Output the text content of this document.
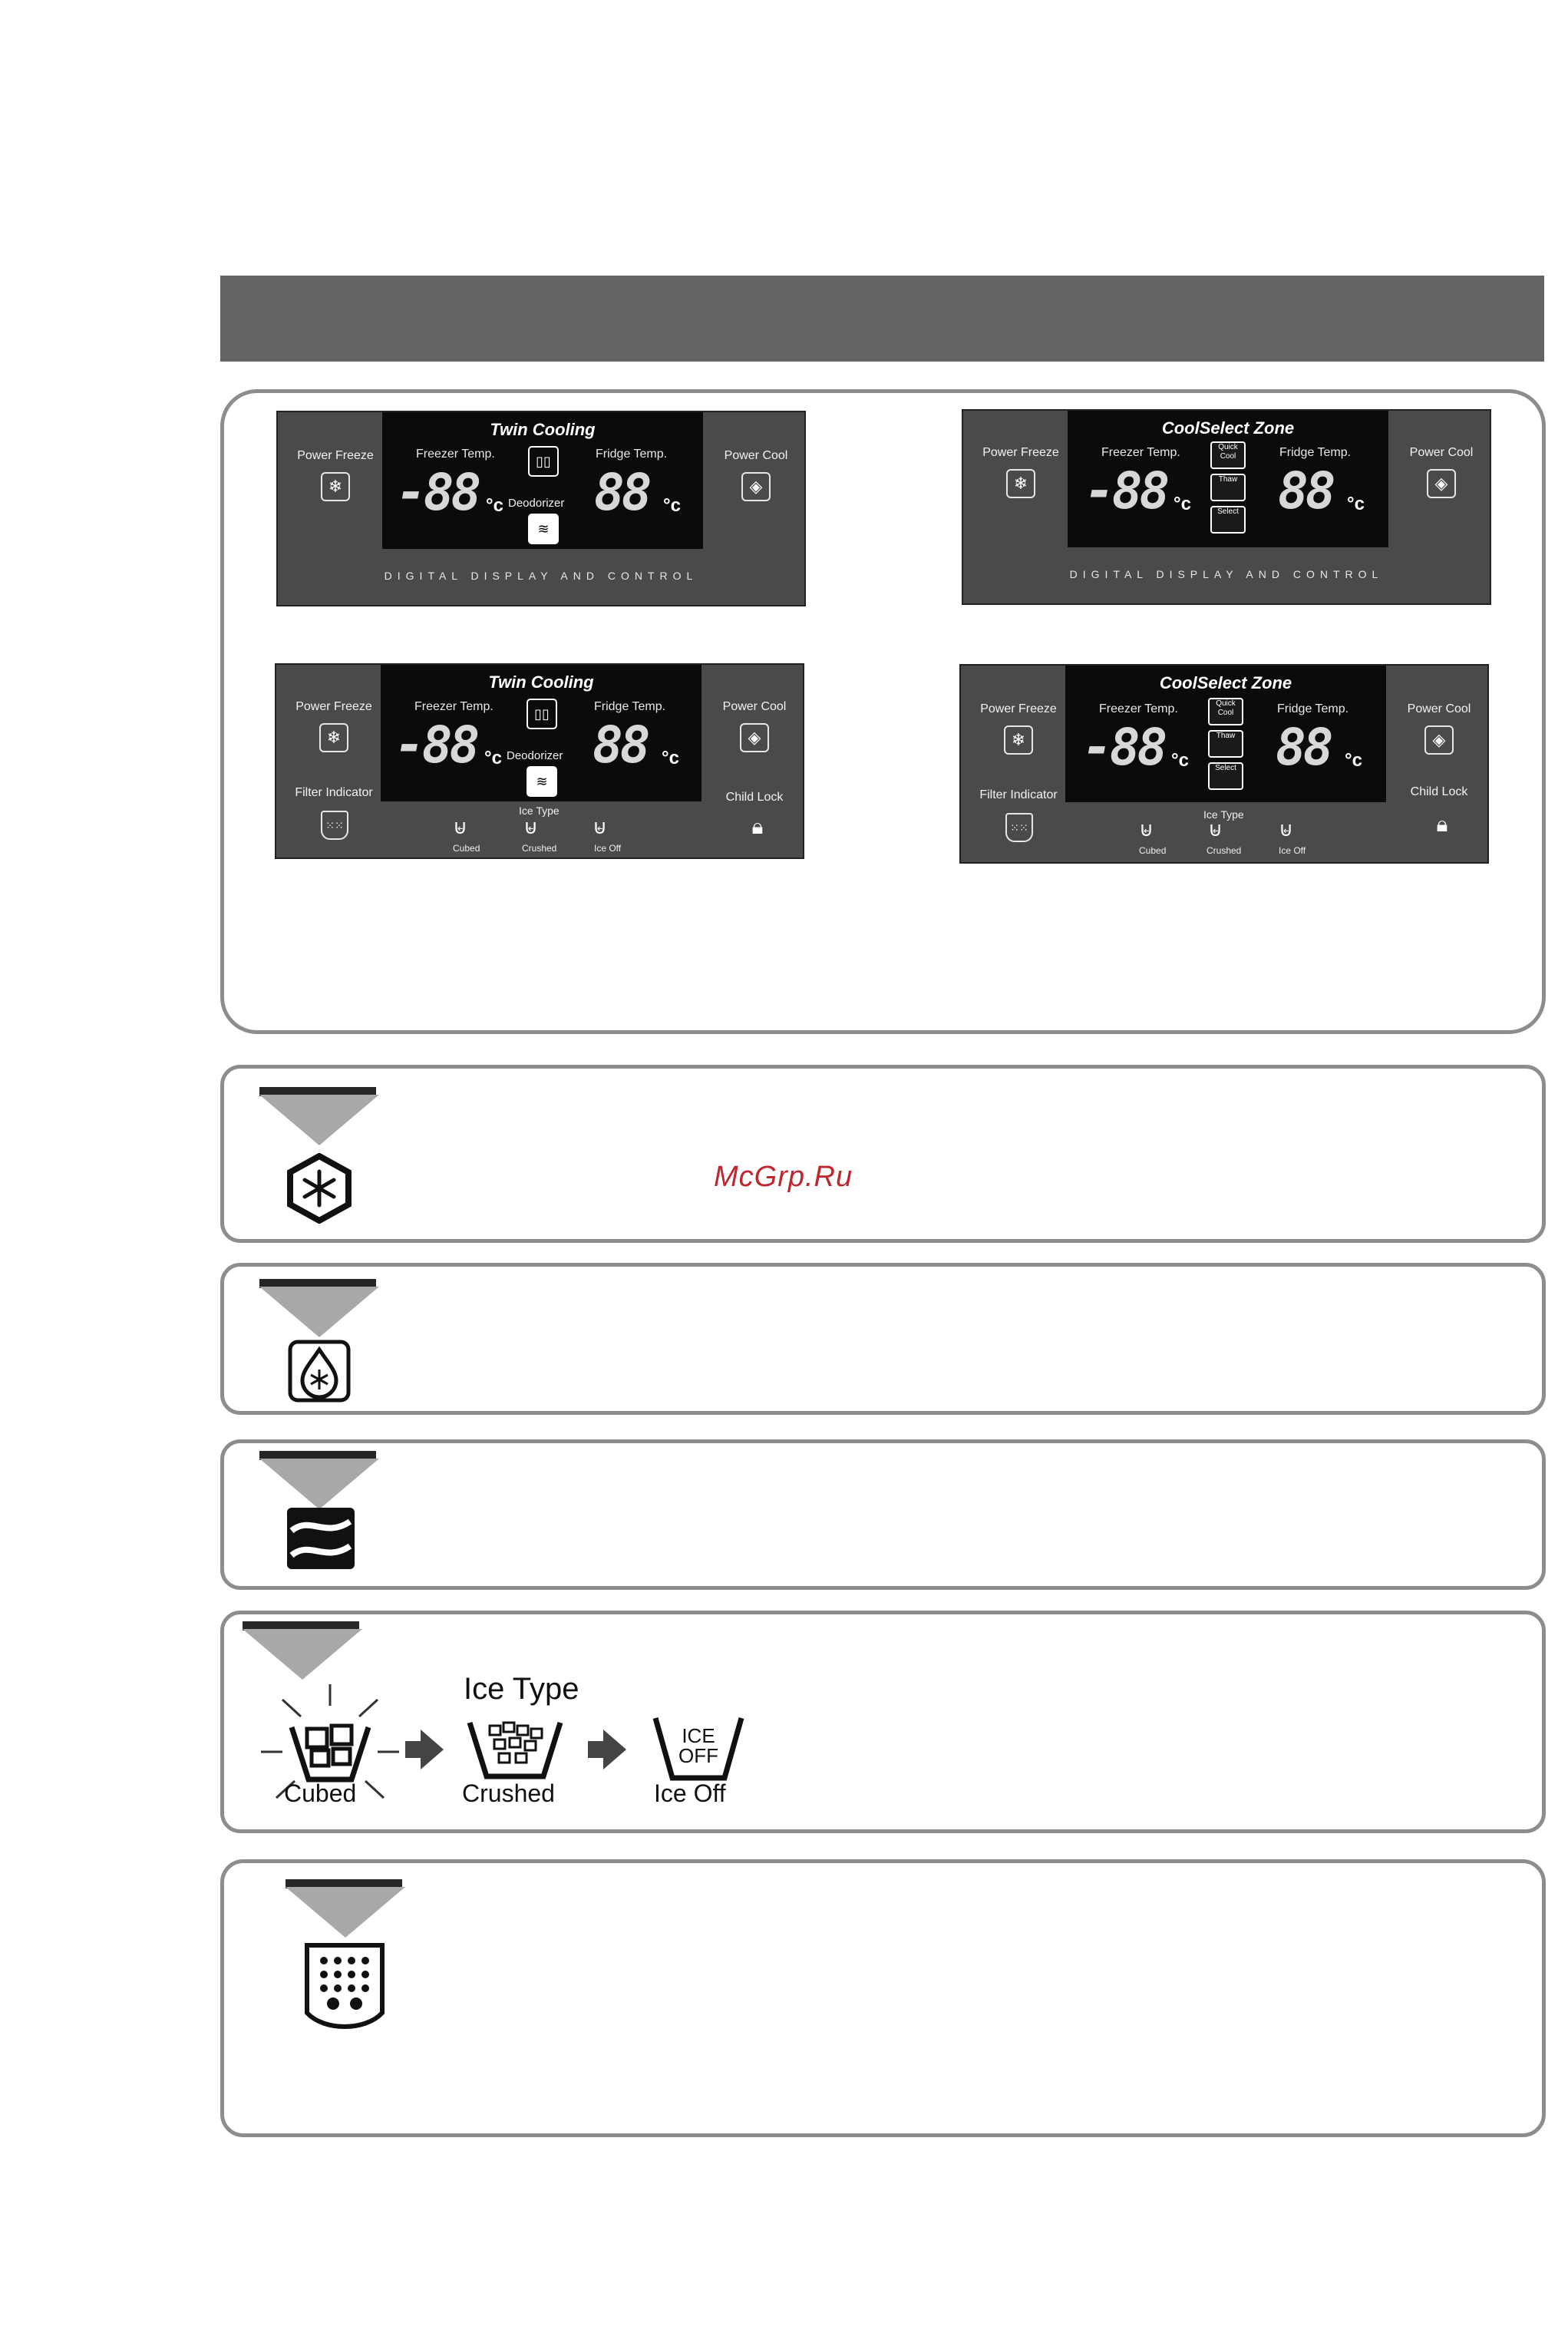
Power Freeze
❄
Twin Cooling
Freezer Temp.	Fridge Temp.
-88 °c 88 °c
▯▯
Deodorizer
≋
Power Cool
◈
DIGITAL DISPLAY AND CONTROL
Power Freeze
❄
CoolSelect Zone
Freezer Temp.	Fridge Temp.
-88 °c 88 °c
Quick Cool
Thaw
Select
Power Cool
◈
DIGITAL DISPLAY AND CONTROL
Power Freeze
❄
Filter Indicator
⁙⁙
Twin Cooling
Freezer Temp.	Fridge Temp.
-88 °c 88 °c
▯▯
Deodorizer
≋
Ice Type
⊌
Cubed
⊌
Crushed
⊌
Ice Off
Power Cool
◈
Child Lock
🔒︎
Power Freeze
❄
Filter Indicator
⁙⁙
CoolSelect Zone
Freezer Temp.	Fridge Temp.
-88 °c 88 °c
Quick Cool
Thaw
Select
Ice Type
⊌
Cubed
⊌
Crushed
⊌
Ice Off
Power Cool
◈
Child Lock
🔒︎
McGrp.Ru
Ice Type
Cubed	Crushed
ICE OFF
Ice Off
